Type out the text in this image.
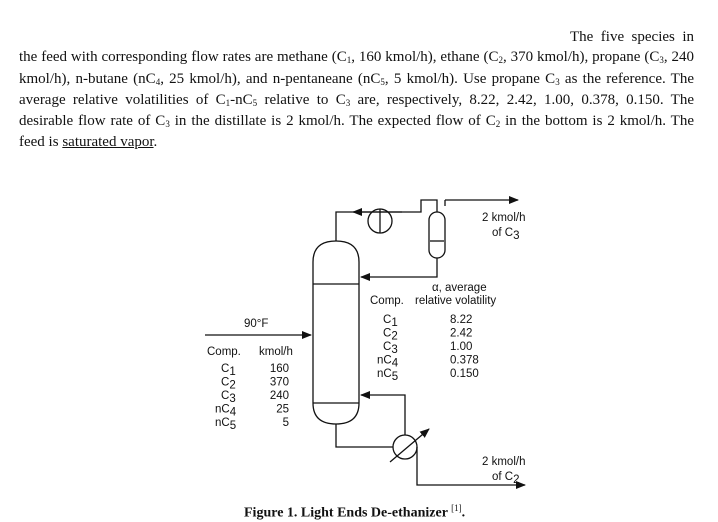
The five species in the feed with corresponding flow rates are methane ($C_1$, 160 kmol/h), ethane ($C_2$, 370 kmol/h), propane ($C_3$, 240 kmol/h), n-butane ($nC_4$, 25 kmol/h), and n-pentaneane ($nC_5$, 5 kmol/h). Use propane $C_3$ as the reference. The average relative volatilities of $C_1-nC_5$ relative to $C_3$ are, respectively, 8.22, 2.42, 1.00, 0.378, 0.150. The desirable flow rate of $C_3$ in the distillate is 2 kmol/h. The expected flow of $C_2$ in the bottom is 2 kmol/h. The feed is saturated vapor.

2 kmol/h
of C3
2 kmol/h
of C2
90°F
Comp. kmol/h
C1	160
C2	370
C3	240
nC4	25
nC5	5
α, average
Comp. relative volatility
C1	8.22
C2	2.42
C3	1.00
nC4	0.378
nC5	0.150

Figure 1. Light Ends De-ethanizer [1].
